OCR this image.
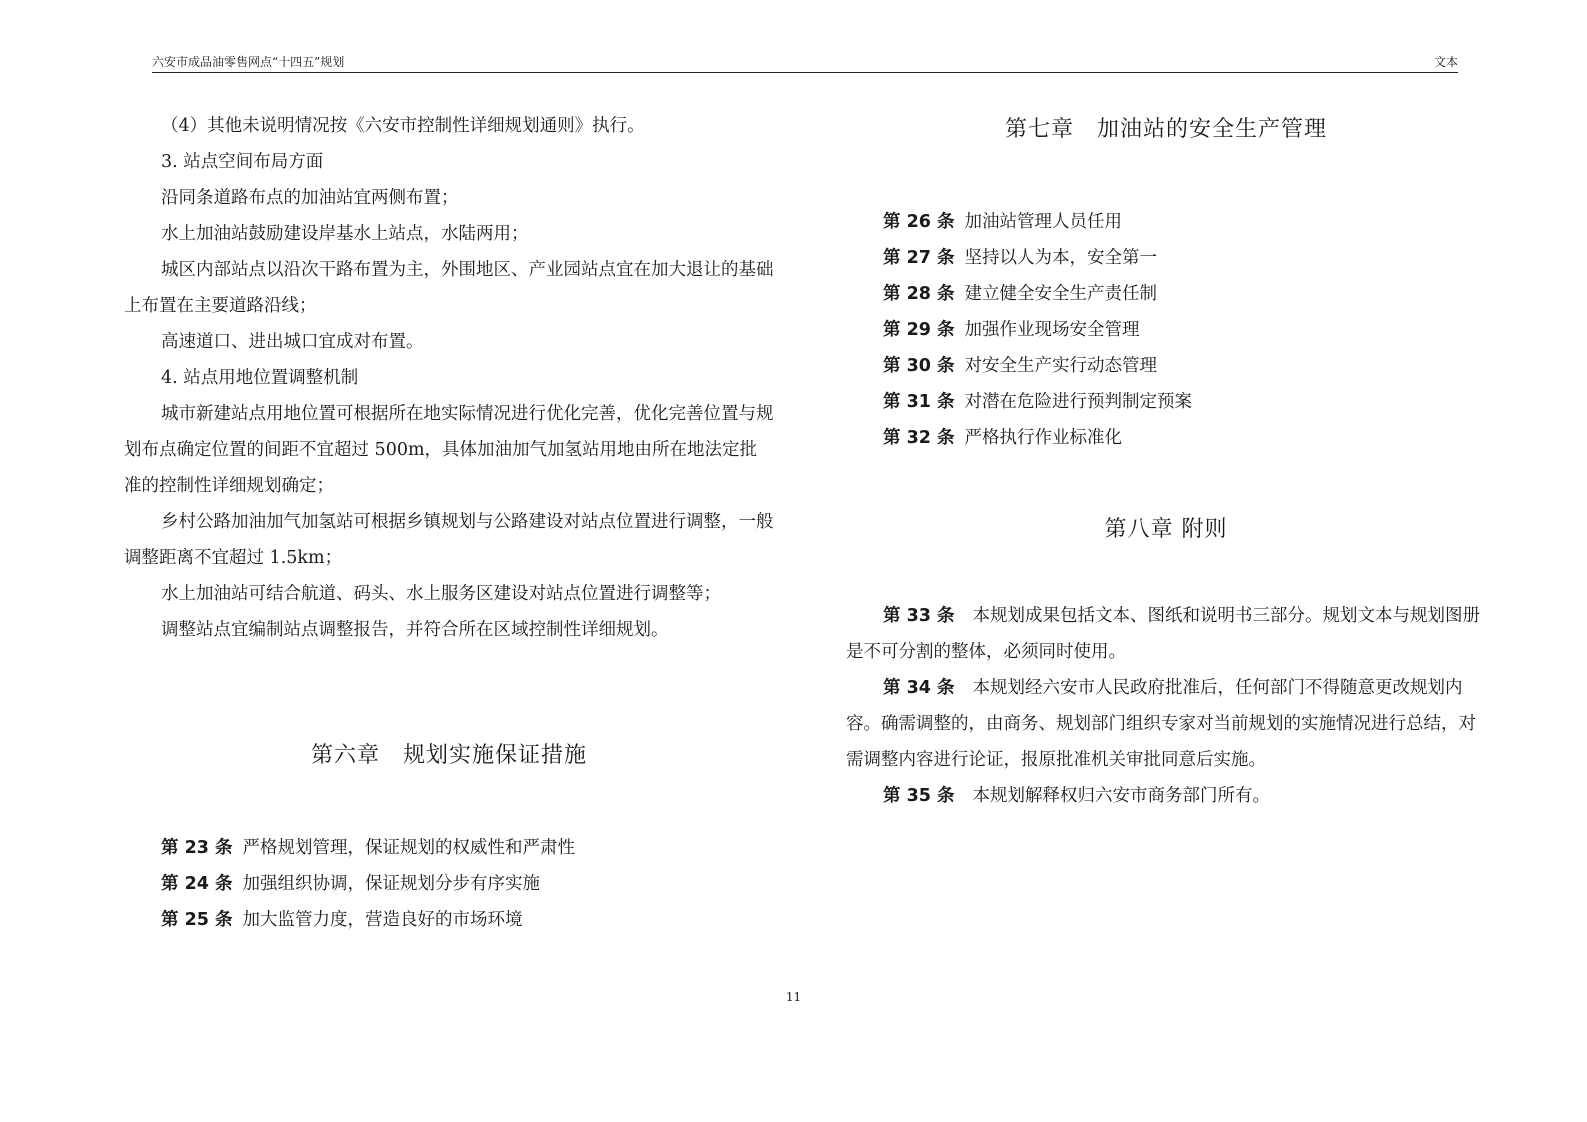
六安市成品油零售网点“十四五”规划	文本

（4）其他未说明情况按《六安市控制性详细规划通则》执行。

3. 站点空间布局方面

沿同条道路布点的加油站宜两侧布置；

水上加油站鼓励建设岸基水上站点，水陆两用；

城区内部站点以沿次干路布置为主，外围地区、产业园站点宜在加大退让的基础上布置在主要道路沿线；

高速道口、进出城口宜成对布置。

4. 站点用地位置调整机制

城市新建站点用地位置可根据所在地实际情况进行优化完善，优化完善位置与规划布点确定位置的间距不宜超过 500m，具体加油加气加氢站用地由所在地法定批准的控制性详细规划确定；

乡村公路加油加气加氢站可根据乡镇规划与公路建设对站点位置进行调整，一般调整距离不宜超过 1.5km；

水上加油站可结合航道、码头、水上服务区建设对站点位置进行调整等；

调整站点宜编制站点调整报告，并符合所在区域控制性详细规划。

第六章　规划实施保证措施

第 23 条 严格规划管理，保证规划的权威性和严肃性

第 24 条 加强组织协调，保证规划分步有序实施

第 25 条 加大监管力度，营造良好的市场环境

第七章　加油站的安全生产管理

第 26 条 加油站管理人员任用

第 27 条 坚持以人为本，安全第一

第 28 条 建立健全安全生产责任制

第 29 条 加强作业现场安全管理

第 30 条 对安全生产实行动态管理

第 31 条 对潜在危险进行预判制定预案

第 32 条 严格执行作业标准化

第八章 附则

第 33 条 本规划成果包括文本、图纸和说明书三部分。规划文本与规划图册是不可分割的整体，必须同时使用。

第 34 条 本规划经六安市人民政府批准后，任何部门不得随意更改规划内容。确需调整的，由商务、规划部门组织专家对当前规划的实施情况进行总结，对需调整内容进行论证，报原批准机关审批同意后实施。

第 35 条 本规划解释权归六安市商务部门所有。

11
